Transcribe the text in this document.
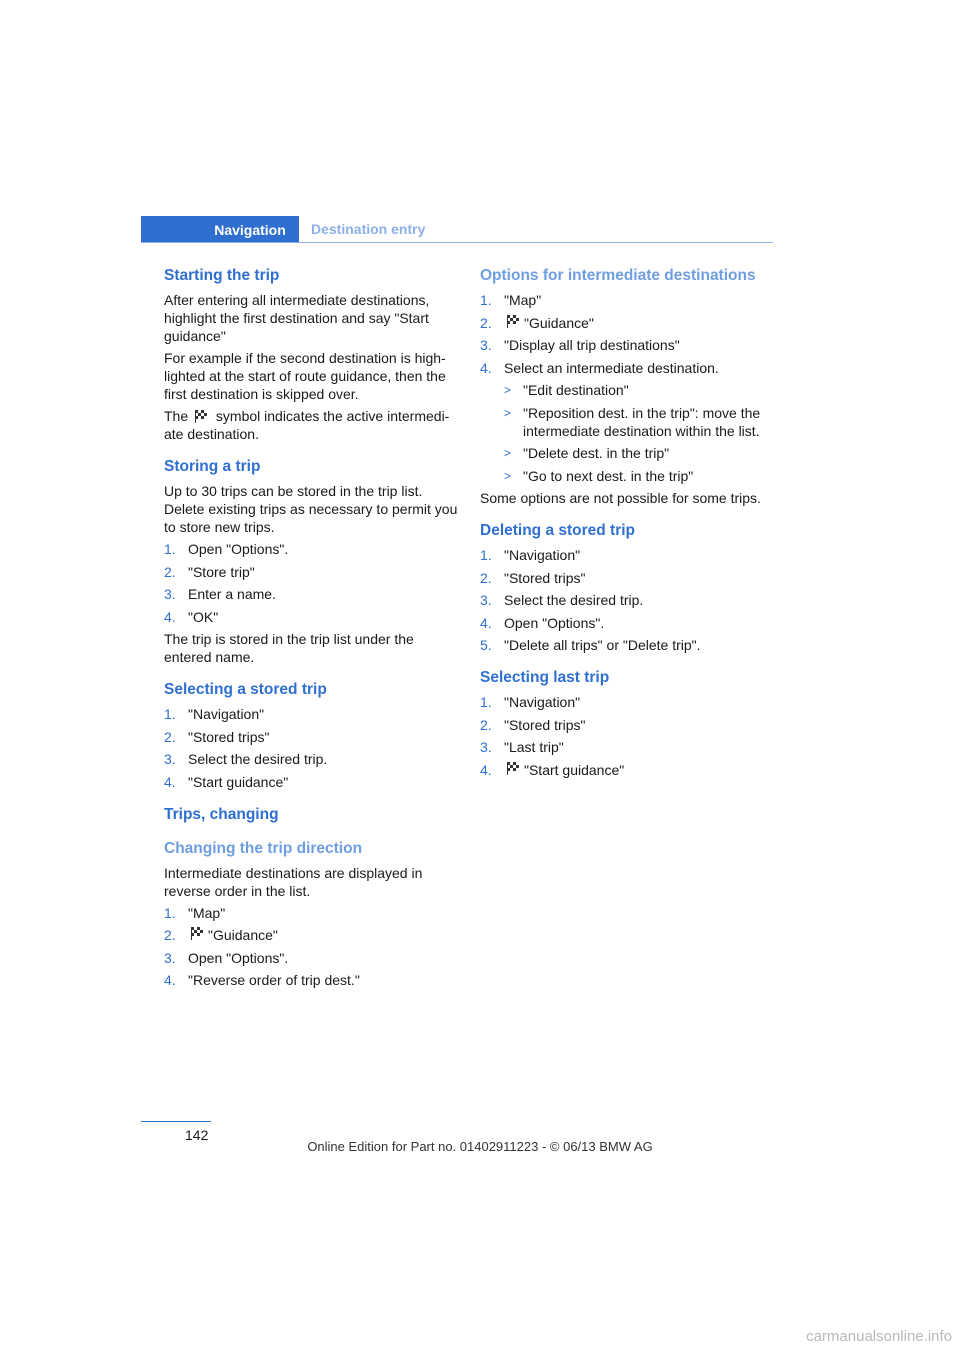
Navigation Destination entry
Starting the trip

After entering all intermediate destinations, highlight the first destination and say "Start guidance"

For example if the second destination is high-lighted at the start of route guidance, then the first destination is skipped over.

The symbol indicates the active intermedi-ate destination.

Storing a trip

Up to 30 trips can be stored in the trip list. Delete existing trips as necessary to permit you to store new trips.

1. Open "Options".
2. "Store trip"
3. Enter a name.
4. "OK"

The trip is stored in the trip list under the entered name.

Selecting a stored trip
1. "Navigation"
2. "Stored trips"
3. Select the desired trip.
4. "Start guidance"
Trips, changing
Changing the trip direction

Intermediate destinations are displayed in reverse order in the list.

1. "Map"
2.	"Guidance"
3. Open "Options".
4. "Reverse order of trip dest."
Options for intermediate destinations
1. "Map"
2.	"Guidance"
3. "Display all trip destinations"
4. Select an intermediate destination.
> "Edit destination"
> "Reposition dest. in the trip": move the intermediate destination within the list.
> "Delete dest. in the trip"
> "Go to next dest. in the trip"

Some options are not possible for some trips.

Deleting a stored trip
1. "Navigation"
2. "Stored trips"
3. Select the desired trip.
4. Open "Options".
5. "Delete all trips" or "Delete trip".
Selecting last trip
1. "Navigation"
2. "Stored trips"
3. "Last trip"
4.	"Start guidance"
142
Online Edition for Part no. 01402911223 - © 06/13 BMW AG
carmanualsonline.info
